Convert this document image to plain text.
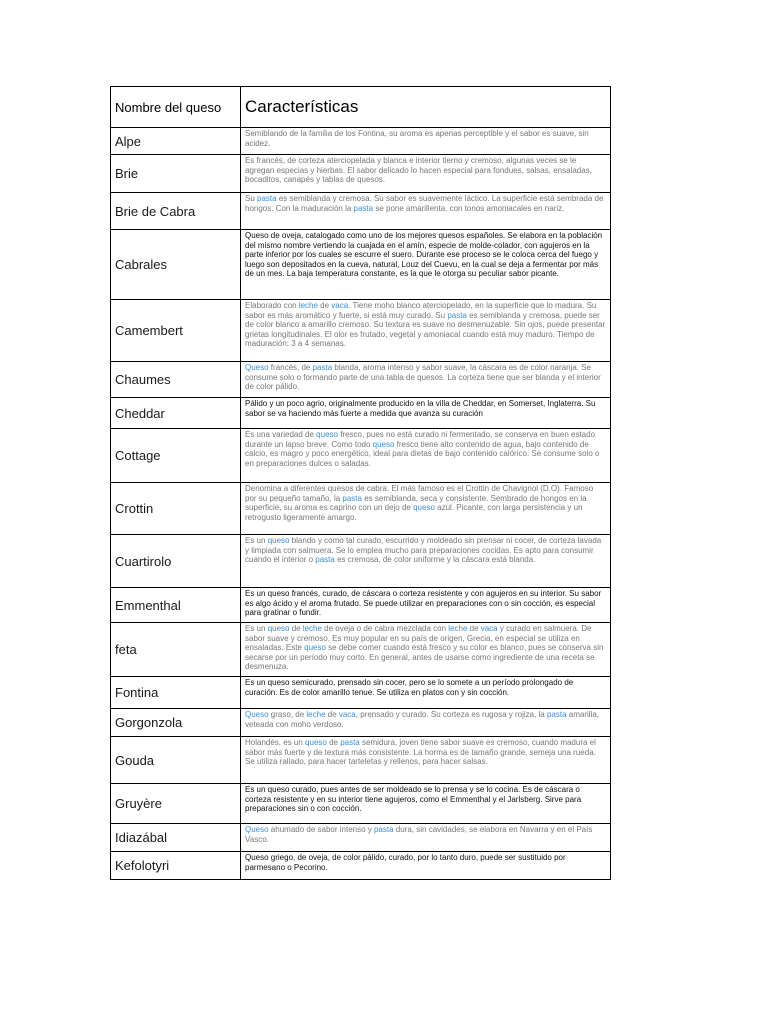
Nombre del queso	Características
Alpe	Semiblando de la familia de los Fontina, su aroma es apenas perceptible y el sabor es suave, sin acidez.
Brie	Es francés, de corteza aterciopelada y blanca e interior tierno y cremoso, algunas veces se le agregan especias y hierbas. El sabor delicado lo hacen especial para fondues, salsas, ensaladas, bocaditos, canapés y tablas de quesos.
Brie de Cabra	Su pasta es semiblanda y cremosa. Su sabor es suavemente láctico. La superficie está sembrada de hongos. Con la maduración la pasta se pone amarillenta, con tonos amoniacales en nariz.
Cabrales	Queso de oveja, catalogado como uno de los mejores quesos españoles. Se elabora en la población del mismo nombre vertiendo la cuajada en el amín, especie de molde-colador, con agujeros en la parte inferior por los cuales se escurre el suero. Durante ese proceso se le coloca cerca del fuego y luego son depositados en la cueva, natural, Louz del Cuevu, en la cual se deja a fermentar por más de un mes. La baja temperatura constante, es la que le otorga su peculiar sabor picante.
Camembert	Elaborado con leche de vaca. Tiene moho blanco aterciopelado, en la superficie que lo madura. Su sabor es más aromático y fuerte, si está muy curado. Su pasta es semiblanda y cremosa, puede ser de color blanco a amarillo cremoso. Su textura es suave no desmenuzable. Sin ojos, puede presentar grietas longitudinales. El olor es frutado, vegetal y amoniacal cuando está muy maduro. Tiempo de maduración: 3 a 4 semanas.
Chaumes	Queso francés, de pasta blanda, aroma intenso y sabor suave, la cáscara es de color naranja. Se consume solo o formando parte de una tabla de quesos. La corteza tiene que ser blanda y el interior de color pálido.
Cheddar	Pálido y un poco agrio, originalmente producido en la villa de Cheddar, en Somerset, Inglaterra. Su sabor se va haciendo más fuerte a medida que avanza su curación
Cottage	Es una variedad de queso fresco, pues no está curado ni fermentado, se conserva en buen estado durante un lapso breve. Como todo queso fresco tiene alto contenido de agua, bajo contenido de calcio, es magro y poco energético, ideal para dietas de bajo contenido calórico. Se consume solo o en preparaciones dulces o saladas.
Crottin	Denomina a diferentes quesos de cabra. El más famoso es el Crottin de Chavignol (D.O). Famoso por su pequeño tamaño, la pasta es semiblanda, seca y consistente. Sembrado de hongos en la superficie, su aroma es caprino con un dejo de queso azul. Picante, con larga persistencia y un retrogusto ligeramente amargo.
Cuartirolo	Es un queso blando y como tal curado, escurrido y moldeado sin prensar ni cocer, de corteza lavada y limpiada con salmuera. Se lo emplea mucho para preparaciones cocidas. Es apto para consumir cuando el interior o pasta es cremosa, de color uniforme y la cáscara está blanda.
Emmenthal	Es un queso francés, curado, de cáscara o corteza resistente y con agujeros en su interior. Su sabor es algo ácido y el aroma frutado. Se puede utilizar en preparaciones con o sin cocción, es especial para gratinar o fundir.
feta	Es un queso de leche de oveja o de cabra mezclada con leche de vaca y curado en salmuera. De sabor suave y cremoso. Es muy popular en su país de origen, Grecia, en especial se utiliza en ensaladas. Este queso se debe comer cuando está fresco y su color es blanco, pues se conserva sin secarse por un período muy corto. En general, antes de usarse como ingrediente de una receta se desmenuza.
Fontina	Es un queso semicurado, prensado sin cocer, pero se lo somete a un período prolongado de curación. Es de color amarillo tenue. Se utiliza en platos con y sin cocción.
Gorgonzola	Queso graso, de leche de vaca, prensado y curado. Su corteza es rugosa y rojiza, la pasta amarilla, veteada con moho verdoso.
Gouda	Holandés, es un queso de pasta semidura, joven tiene sabor suave es cremoso, cuando madura el sabor más fuerte y de textura más consistente. La horma es de tamaño grande, semeja una rueda. Se utiliza rallado, para hacer tarteletas y rellenos, para hacer salsas.
Gruyère	Es un queso curado, pues antes de ser moldeado se lo prensa y se lo cocina. Es de cáscara o corteza resistente y en su interior tiene agujeros, como el Emmenthal y el Jarlsberg. Sirve para preparaciones sin o con cocción.
Idiazábal	Queso ahumado de sabor intenso y pasta dura, sin cavidades, se elabora en Navarra y en el País Vasco.
Kefolotyri	Queso griego, de oveja, de color pálido, curado, por lo tanto duro, puede ser sustituido por parmesano o Pecorino.
